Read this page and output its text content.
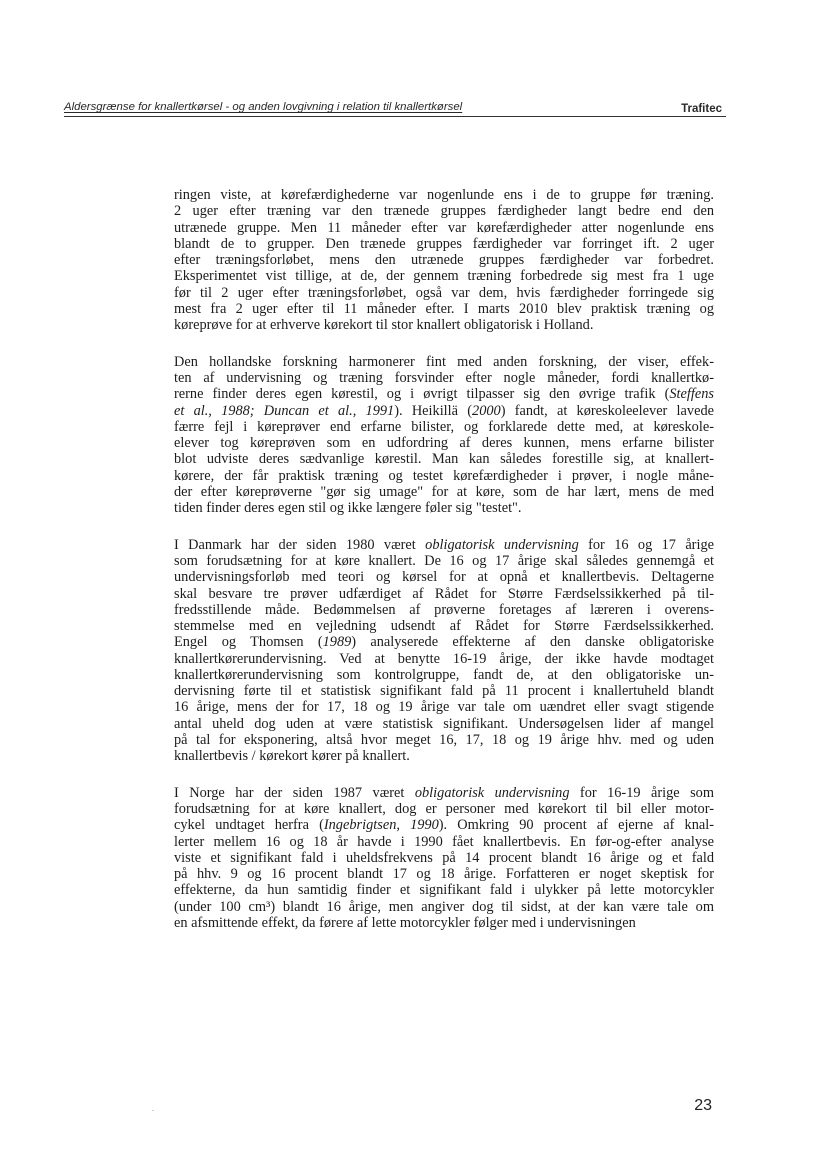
Aldersgrænse for knallertkørsel - og anden lovgivning i relation til knallertkørsel	Trafitec

ringen viste, at kørefærdighederne var nogenlunde ens i de to gruppe før træning.
2 uger efter træning var den trænede gruppes færdigheder langt bedre end den
utrænede gruppe. Men 11 måneder efter var kørefærdigheder atter nogenlunde ens
blandt de to grupper. Den trænede gruppes færdigheder var forringet ift. 2 uger
efter træningsforløbet, mens den utrænede gruppes færdigheder var forbedret.
Eksperimentet vist tillige, at de, der gennem træning forbedrede sig mest fra 1 uge
før til 2 uger efter træningsforløbet, også var dem, hvis færdigheder forringede sig
mest fra 2 uger efter til 11 måneder efter. I marts 2010 blev praktisk træning og
køreprøve for at erhverve kørekort til stor knallert obligatorisk i Holland.

Den hollandske forskning harmonerer fint med anden forskning, der viser, effek-
ten af undervisning og træning forsvinder efter nogle måneder, fordi knallertkø-
rerne finder deres egen kørestil, og i øvrigt tilpasser sig den øvrige trafik (Steffens
et al., 1988; Duncan et al., 1991). Heikillä (2000) fandt, at køreskoleelever lavede
færre fejl i køreprøver end erfarne bilister, og forklarede dette med, at køreskole-
elever tog køreprøven som en udfordring af deres kunnen, mens erfarne bilister
blot udviste deres sædvanlige kørestil. Man kan således forestille sig, at knallert-
kørere, der får praktisk træning og testet kørefærdigheder i prøver, i nogle måne-
der efter køreprøverne "gør sig umage" for at køre, som de har lært, mens de med
tiden finder deres egen stil og ikke længere føler sig "testet".

I Danmark har der siden 1980 været obligatorisk undervisning for 16 og 17 årige
som forudsætning for at køre knallert. De 16 og 17 årige skal således gennemgå et
undervisningsforløb med teori og kørsel for at opnå et knallertbevis. Deltagerne
skal besvare tre prøver udfærdiget af Rådet for Større Færdselssikkerhed på til-
fredsstillende måde. Bedømmelsen af prøverne foretages af læreren i overens-
stemmelse med en vejledning udsendt af Rådet for Større Færdselssikkerhed.
Engel og Thomsen (1989) analyserede effekterne af den danske obligatoriske
knallertkørerundervisning. Ved at benytte 16-19 årige, der ikke havde modtaget
knallertkørerundervisning som kontrolgruppe, fandt de, at den obligatoriske un-
dervisning førte til et statistisk signifikant fald på 11 procent i knallertuheld blandt
16 årige, mens der for 17, 18 og 19 årige var tale om uændret eller svagt stigende
antal uheld dog uden at være statistisk signifikant. Undersøgelsen lider af mangel
på tal for eksponering, altså hvor meget 16, 17, 18 og 19 årige hhv. med og uden
knallertbevis / kørekort kører på knallert.

I Norge har der siden 1987 været obligatorisk undervisning for 16-19 årige som
forudsætning for at køre knallert, dog er personer med kørekort til bil eller motor-
cykel undtaget herfra (Ingebrigtsen, 1990). Omkring 90 procent af ejerne af knal-
lerter mellem 16 og 18 år havde i 1990 fået knallertbevis. En før-og-efter analyse
viste et signifikant fald i uheldsfrekvens på 14 procent blandt 16 årige og et fald
på hhv. 9 og 16 procent blandt 17 og 18 årige. Forfatteren er noget skeptisk for
effekterne, da hun samtidig finder et signifikant fald i ulykker på lette motorcykler
(under 100 cm³) blandt 16 årige, men angiver dog til sidst, at der kan være tale om
en afsmittende effekt, da førere af lette motorcykler følger med i undervisningen

23
